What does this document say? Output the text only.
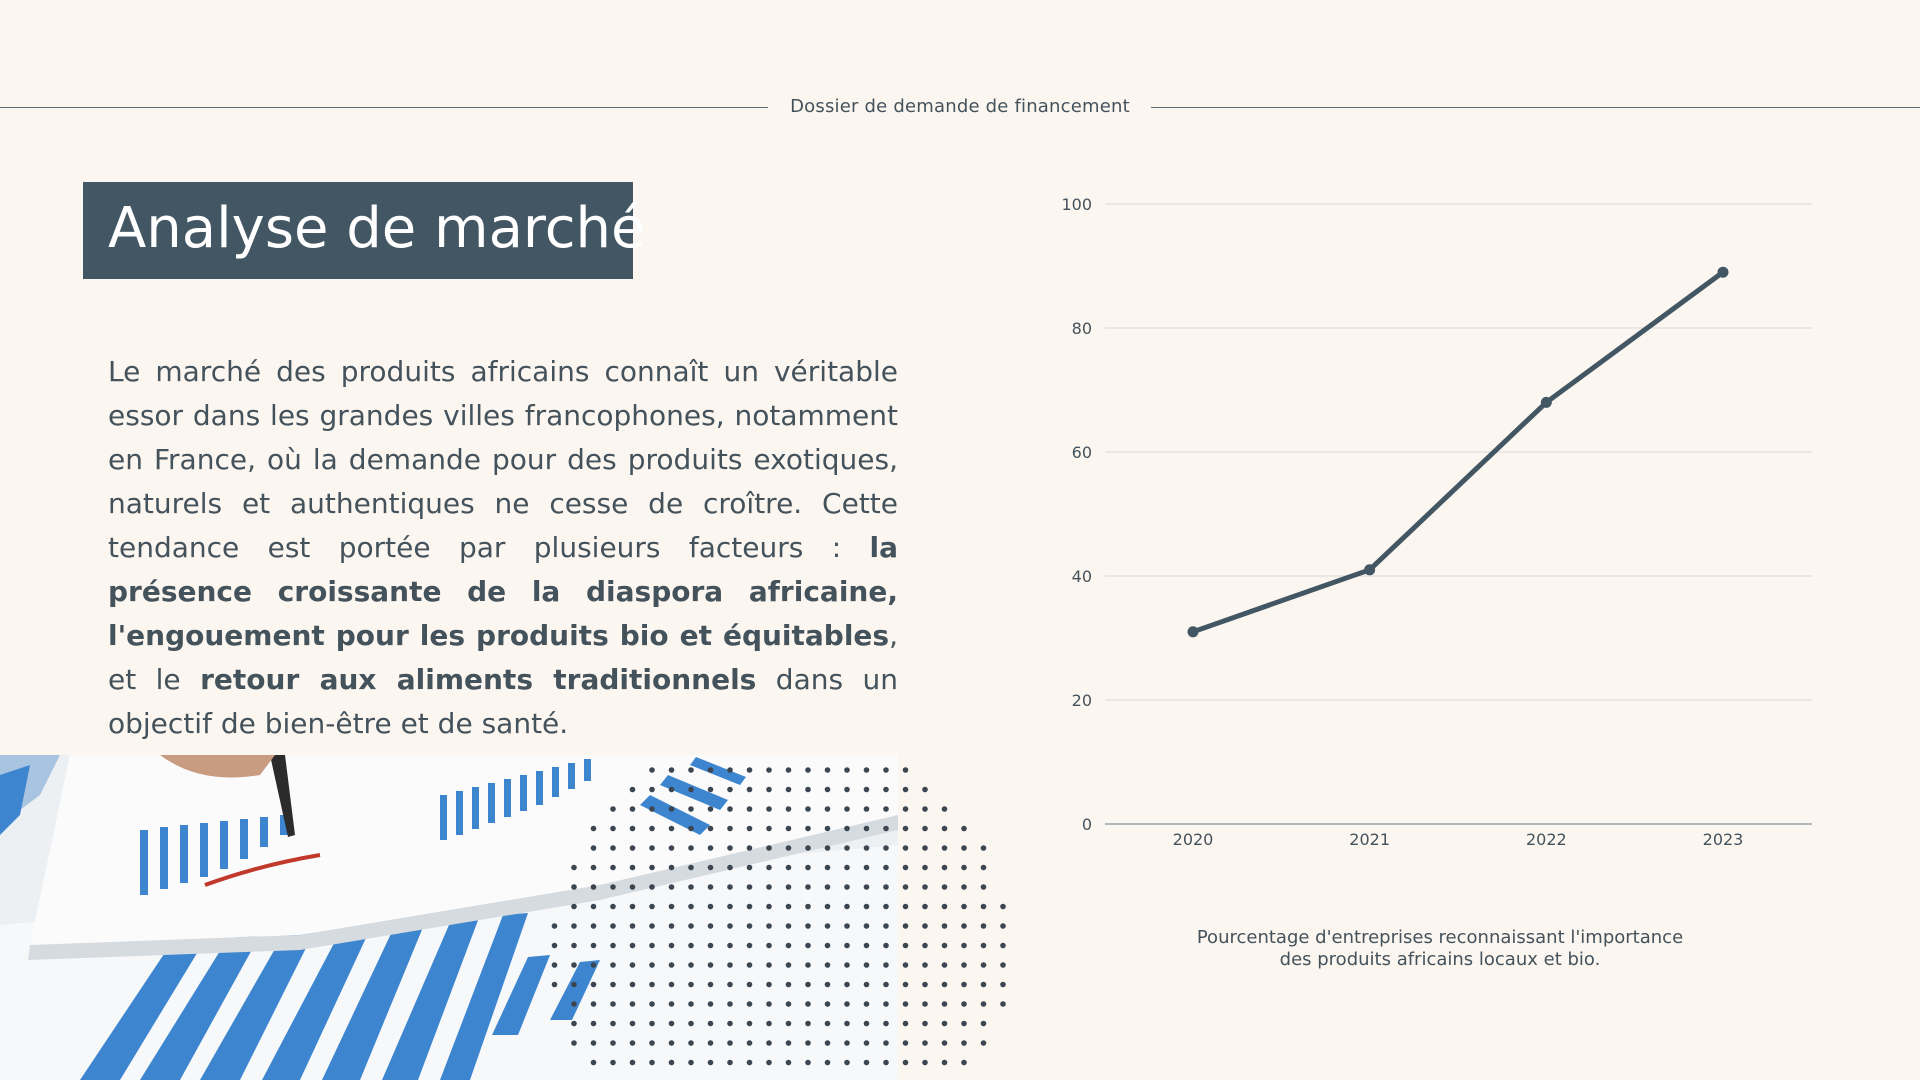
Dossier de demande de financement
Analyse de marché
Le marché des produits africains connaît un véritable essor dans les grandes villes francophones, notamment en France, où la demande pour des produits exotiques, naturels et authentiques ne cesse de croître. Cette tendance est portée par plusieurs facteurs : la présence croissante de la diaspora africaine, l'engouement pour les produits bio et équitables, et le retour aux aliments traditionnels dans un objectif de bien-être et de santé.
0
20
40
60
80
100
2020	2021	2022	2023
Pourcentage d'entreprises reconnaissant l'importance
des produits africains locaux et bio.
